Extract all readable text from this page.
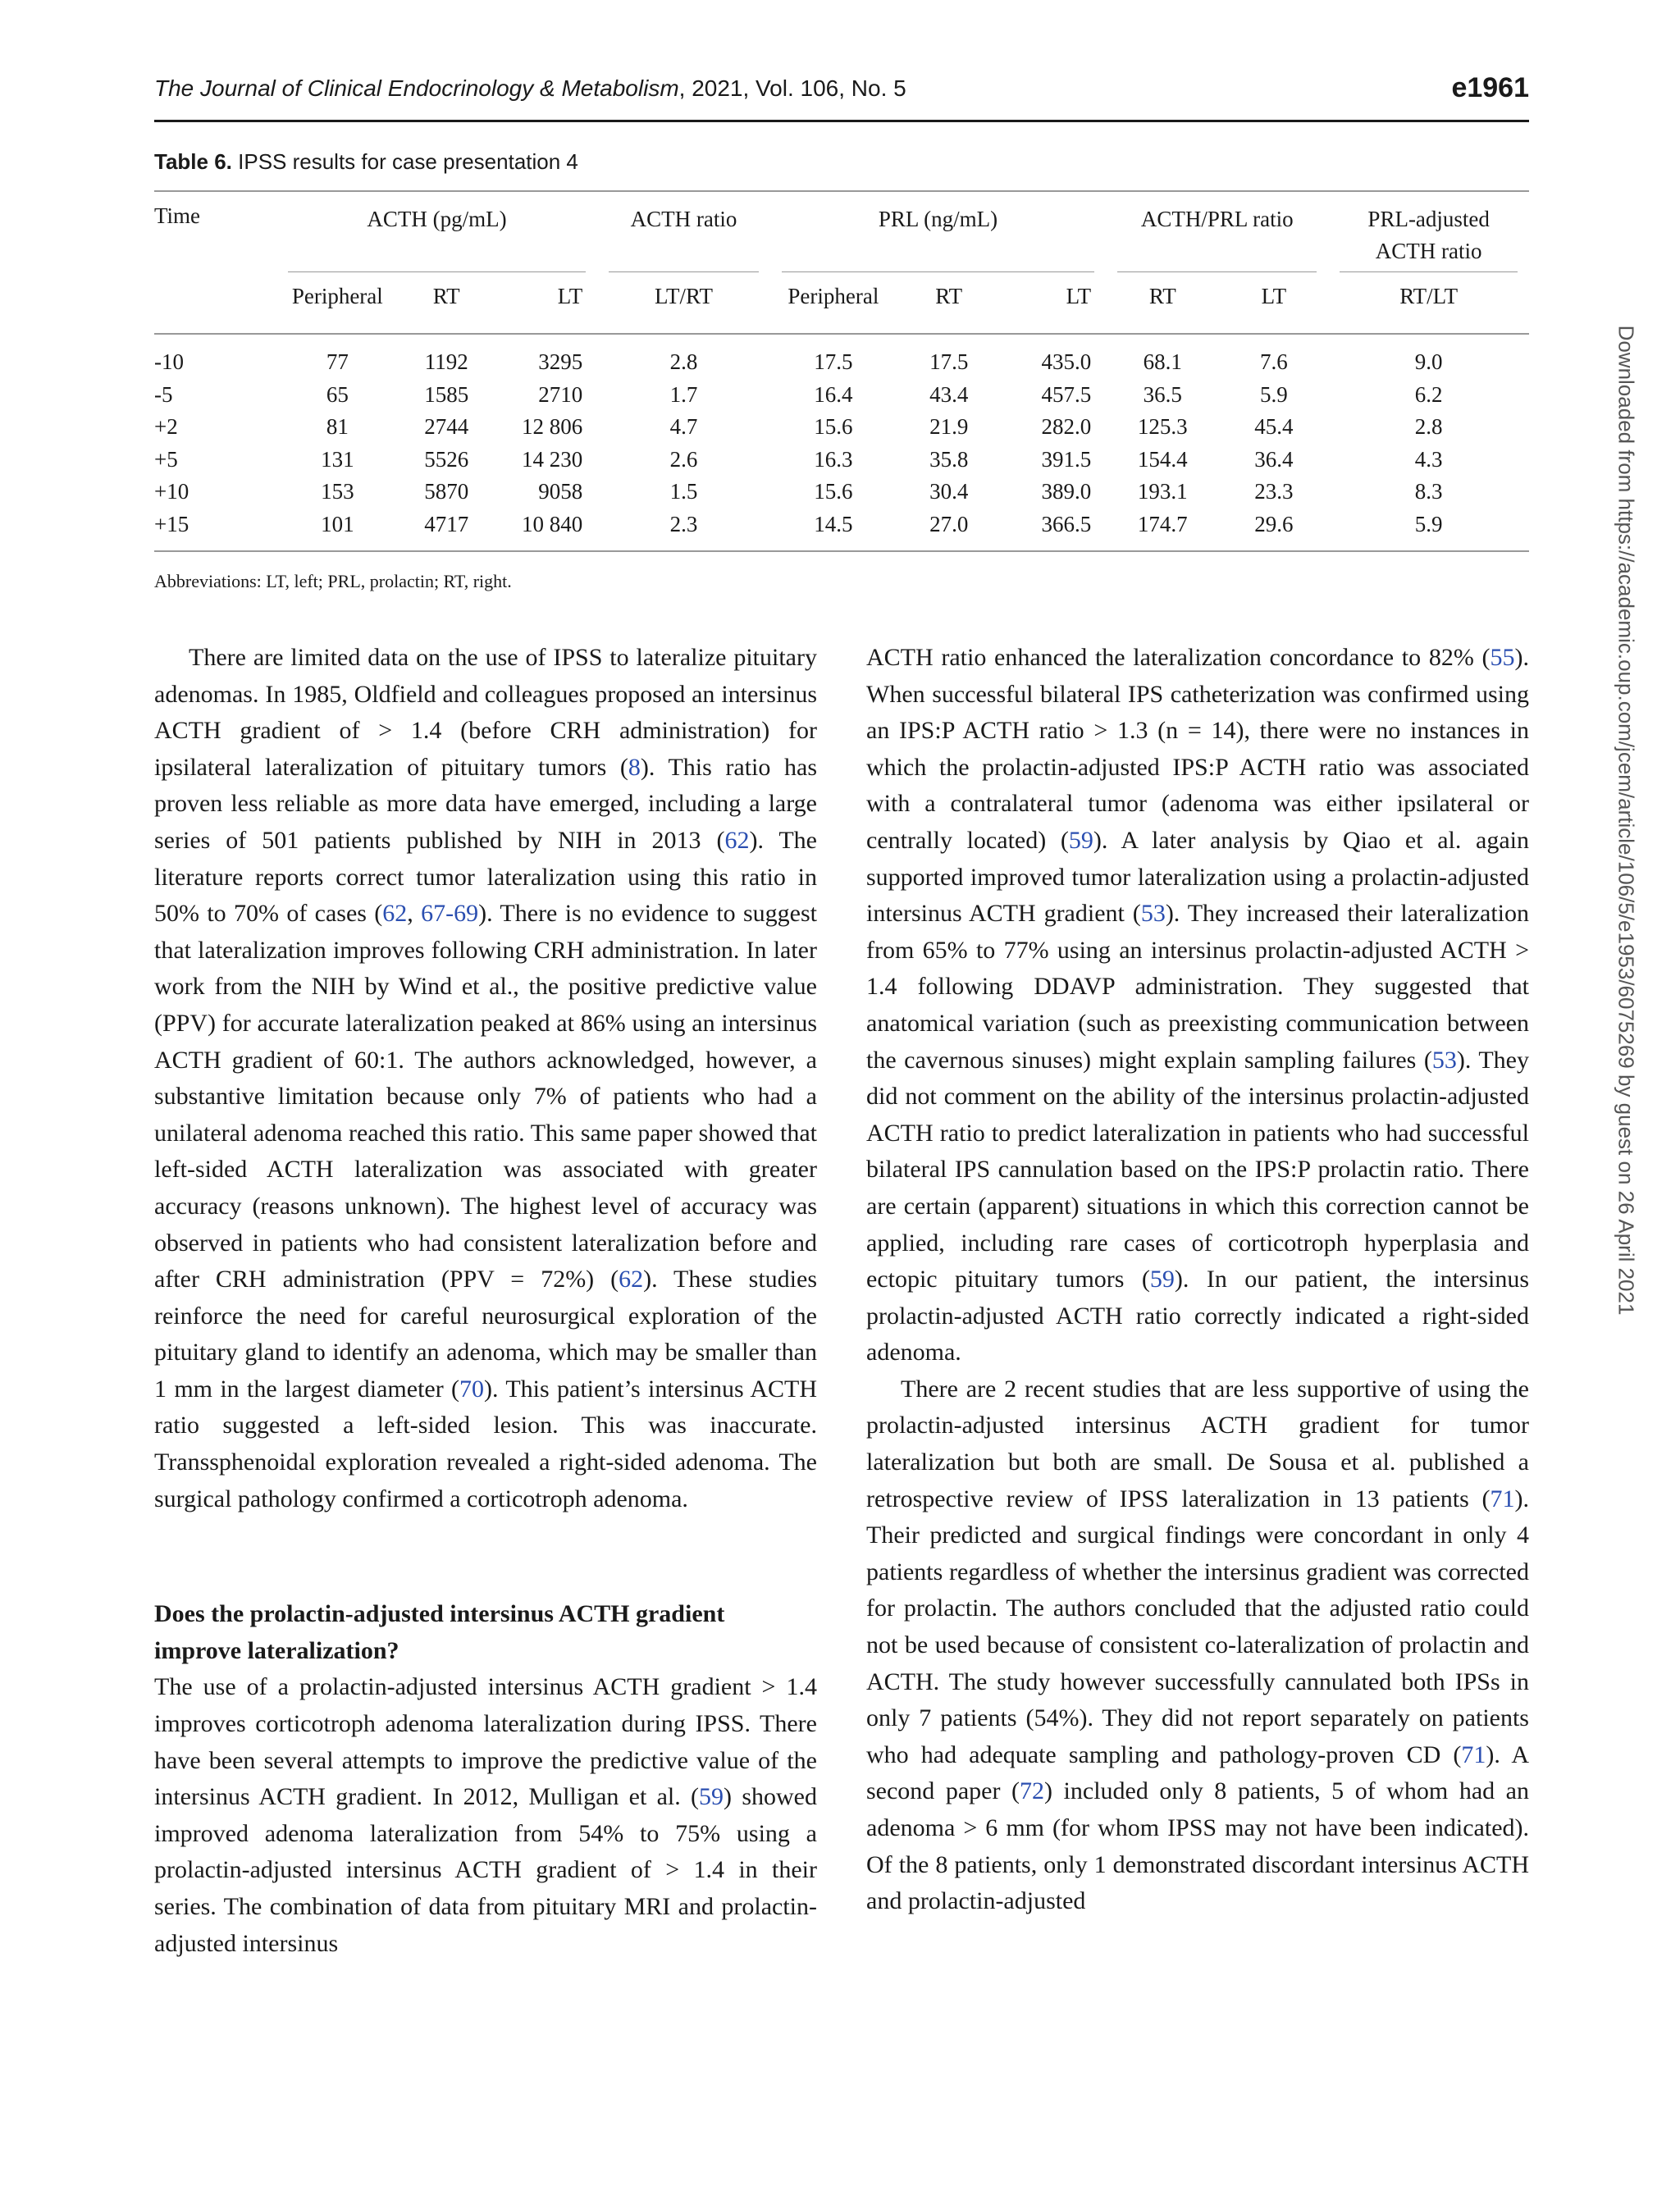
The Journal of Clinical Endocrinology & Metabolism, 2021, Vol. 106, No. 5	e1961
Table 6. IPSS results for case presentation 4
Time	ACTH (pg/mL)			ACTH ratio	PRL (ng/mL)			ACTH/PRL ratio		PRL-adjusted
ACTH ratio
	Peripheral	RT	LT	LT/RT	Peripheral	RT	LT	RT	LT	RT/LT
-10	77	1192	3295	2.8	17.5	17.5	435.0	68.1	7.6	9.0
-5	65	1585	2710	1.7	16.4	43.4	457.5	36.5	5.9	6.2
+2	81	2744	12 806	4.7	15.6	21.9	282.0	125.3	45.4	2.8
+5	131	5526	14 230	2.6	16.3	35.8	391.5	154.4	36.4	4.3
+10	153	5870	9058	1.5	15.6	30.4	389.0	193.1	23.3	8.3
+15	101	4717	10 840	2.3	14.5	27.0	366.5	174.7	29.6	5.9
Abbreviations: LT, left; PRL, prolactin; RT, right.

There are limited data on the use of IPSS to lateralize pituitary adenomas. In 1985, Oldfield and colleagues proposed an intersinus ACTH gradient of > 1.4 (before CRH administration) for ipsilateral lateralization of pituitary tumors (8). This ratio has proven less reliable as more data have emerged, including a large series of 501 patients published by NIH in 2013 (62). The literature reports correct tumor lateralization using this ratio in 50% to 70% of cases (62, 67-69). There is no evidence to suggest that lateralization improves following CRH administration. In later work from the NIH by Wind et al., the positive predictive value (PPV) for accurate lateralization peaked at 86% using an intersinus ACTH gradient of 60:1. The authors acknowledged, however, a substantive limitation because only 7% of patients who had a unilateral adenoma reached this ratio. This same paper showed that left-sided ACTH lateralization was associated with greater accuracy (reasons unknown). The highest level of accuracy was observed in patients who had consistent lateralization before and after CRH administration (PPV = 72%) (62). These studies reinforce the need for careful neurosurgical exploration of the pituitary gland to identify an adenoma, which may be smaller than 1 mm in the largest diameter (70). This patient’s intersinus ACTH ratio suggested a left-sided lesion. This was inaccurate. Transsphenoidal exploration revealed a right-sided adenoma. The surgical pathology confirmed a corticotroph adenoma.

Does the prolactin-adjusted intersinus ACTH gradient improve lateralization?

The use of a prolactin-adjusted intersinus ACTH gradient > 1.4 improves corticotroph adenoma lateralization during IPSS. There have been several attempts to improve the predictive value of the intersinus ACTH gradient. In 2012, Mulligan et al. (59) showed improved adenoma lateralization from 54% to 75% using a prolactin-adjusted intersinus ACTH gradient of > 1.4 in their series. The combination of data from pituitary MRI and prolactin-adjusted intersinus

ACTH ratio enhanced the lateralization concordance to 82% (55). When successful bilateral IPS catheterization was confirmed using an IPS:P ACTH ratio > 1.3 (n = 14), there were no instances in which the prolactin-adjusted IPS:P ACTH ratio was associated with a contralateral tumor (adenoma was either ipsilateral or centrally located) (59). A later analysis by Qiao et al. again supported improved tumor lateralization using a prolactin-adjusted intersinus ACTH gradient (53). They increased their lateralization from 65% to 77% using an intersinus prolactin-adjusted ACTH > 1.4 following DDAVP administration. They suggested that anatomical variation (such as preexisting communication between the cavernous sinuses) might explain sampling failures (53). They did not comment on the ability of the intersinus prolactin-adjusted ACTH ratio to predict lateralization in patients who had successful bilateral IPS cannulation based on the IPS:P prolactin ratio. There are certain (apparent) situations in which this correction cannot be applied, including rare cases of corticotroph hyperplasia and ectopic pituitary tumors (59). In our patient, the intersinus prolactin-adjusted ACTH ratio correctly indicated a right-sided adenoma.

There are 2 recent studies that are less supportive of using the prolactin-adjusted intersinus ACTH gradient for tumor lateralization but both are small. De Sousa et al. published a retrospective review of IPSS lateralization in 13 patients (71). Their predicted and surgical findings were concordant in only 4 patients regardless of whether the intersinus gradient was corrected for prolactin. The authors concluded that the adjusted ratio could not be used because of consistent co-lateralization of prolactin and ACTH. The study however successfully cannulated both IPSs in only 7 patients (54%). They did not report separately on patients who had adequate sampling and pathology-proven CD (71). A second paper (72) included only 8 patients, 5 of whom had an adenoma > 6 mm (for whom IPSS may not have been indicated). Of the 8 patients, only 1 demonstrated discordant intersinus ACTH and prolactin-adjusted

Downloaded from https://academic.oup.com/jcem/article/106/5/e1953/6075269 by guest on 26 April 2021
